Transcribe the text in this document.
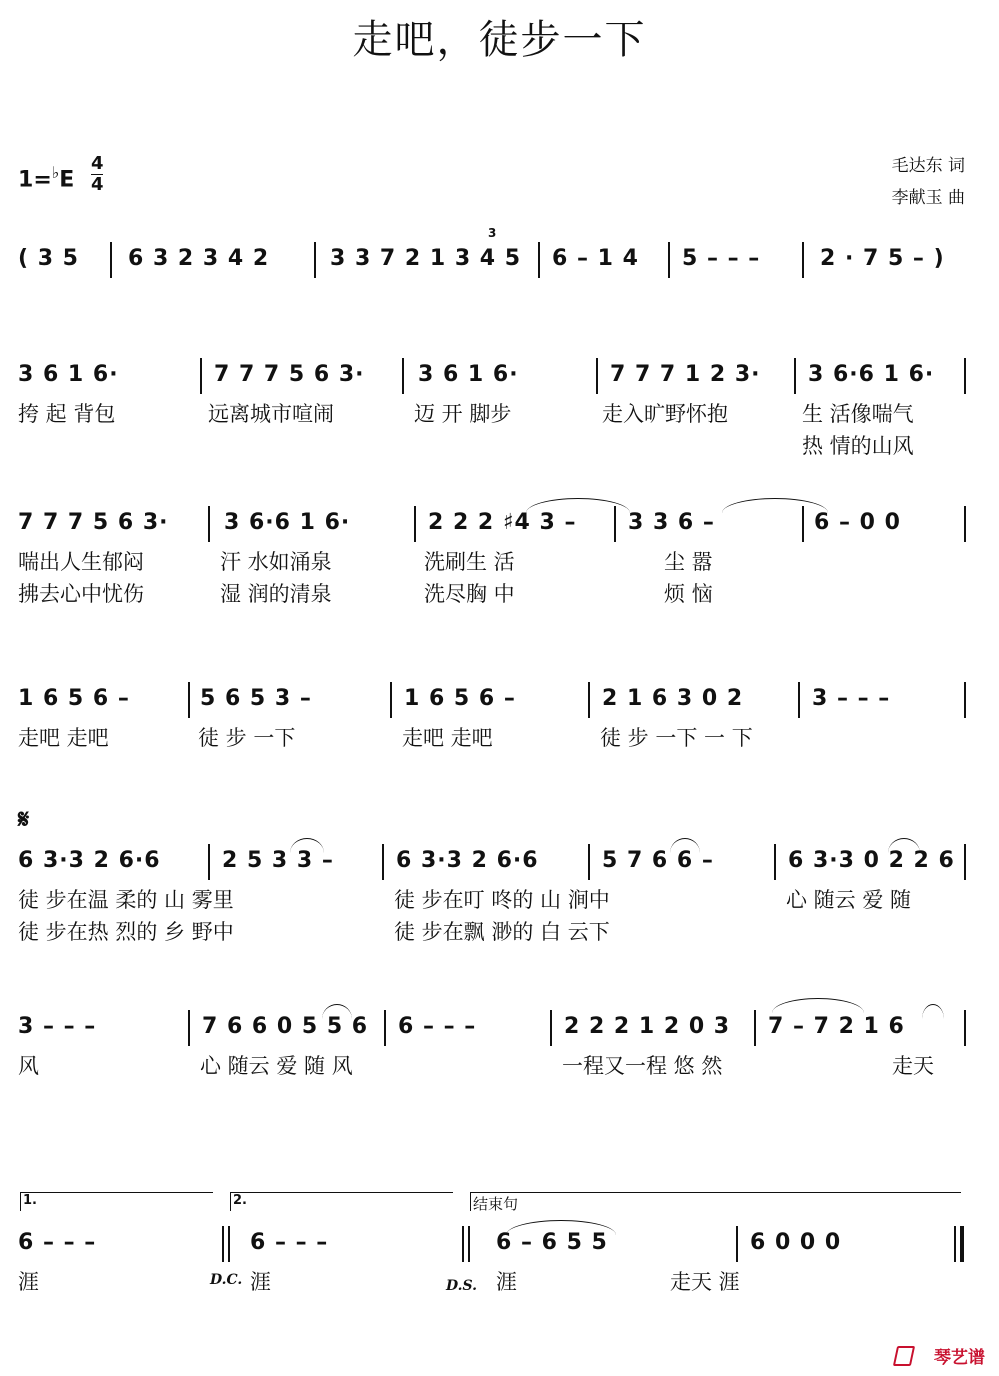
走吧，徒步一下
毛达东 词
李献玉 曲
1=♭E
4
4
( 3 5 6 3 2 3 4 2	3 3 7 2 1 3 4 5
3
6 – 1 4 5 – – –	2 · 7 5 – )
3 6 1 6·	7 7 7 5 6 3· 3 6 1 6·	7 7 7 1 2 3· 3 6·6 1 6·
挎 起 背包	远离城市喧闹	迈 开 脚步	走入旷野怀抱	生 活像喘气
热 情的山风
7 7 7 5 6 3·	3 6·6 1 6·	2 2 2 ♯4 3 – 3 3 6 –	6 – 0 0
喘出人生郁闷	汗 水如涌泉	洗刷生 活	尘 嚣
拂去心中忧伤	湿 润的清泉	洗尽胸 中	烦 恼
1 6 5 6 –	5 6 5 3 –	1 6 5 6 –	2 1 6 3 0 2	3 – – –
走吧 走吧	徒 步 一下	走吧 走吧	徒 步 一下 一 下
𝄋
6 3·3 2 6·6	2 5 3 3 –	6 3·3 2 6·6	5 7 6 6 –	6 3·3 0 2 2 6
徒 步在温 柔的 山 雾里	徒 步在叮 咚的 山 涧中	心 随云 爱 随
徒 步在热 烈的 乡 野中	徒 步在飘 渺的 白 云下
3 – – –	7 6 6 0 5 5 6 6 – – –	2 2 2 1 2 0 3 7 – 7 2 1 6
风	心 随云 爱 随 风	一程又一程 悠 然	走天
1.	2.	结束句
6 – – –	6 – – –	6 – 6 5 5	6 0 0 0
涯	涯	涯	走天 涯
D.C.	D.S.
琴艺谱
